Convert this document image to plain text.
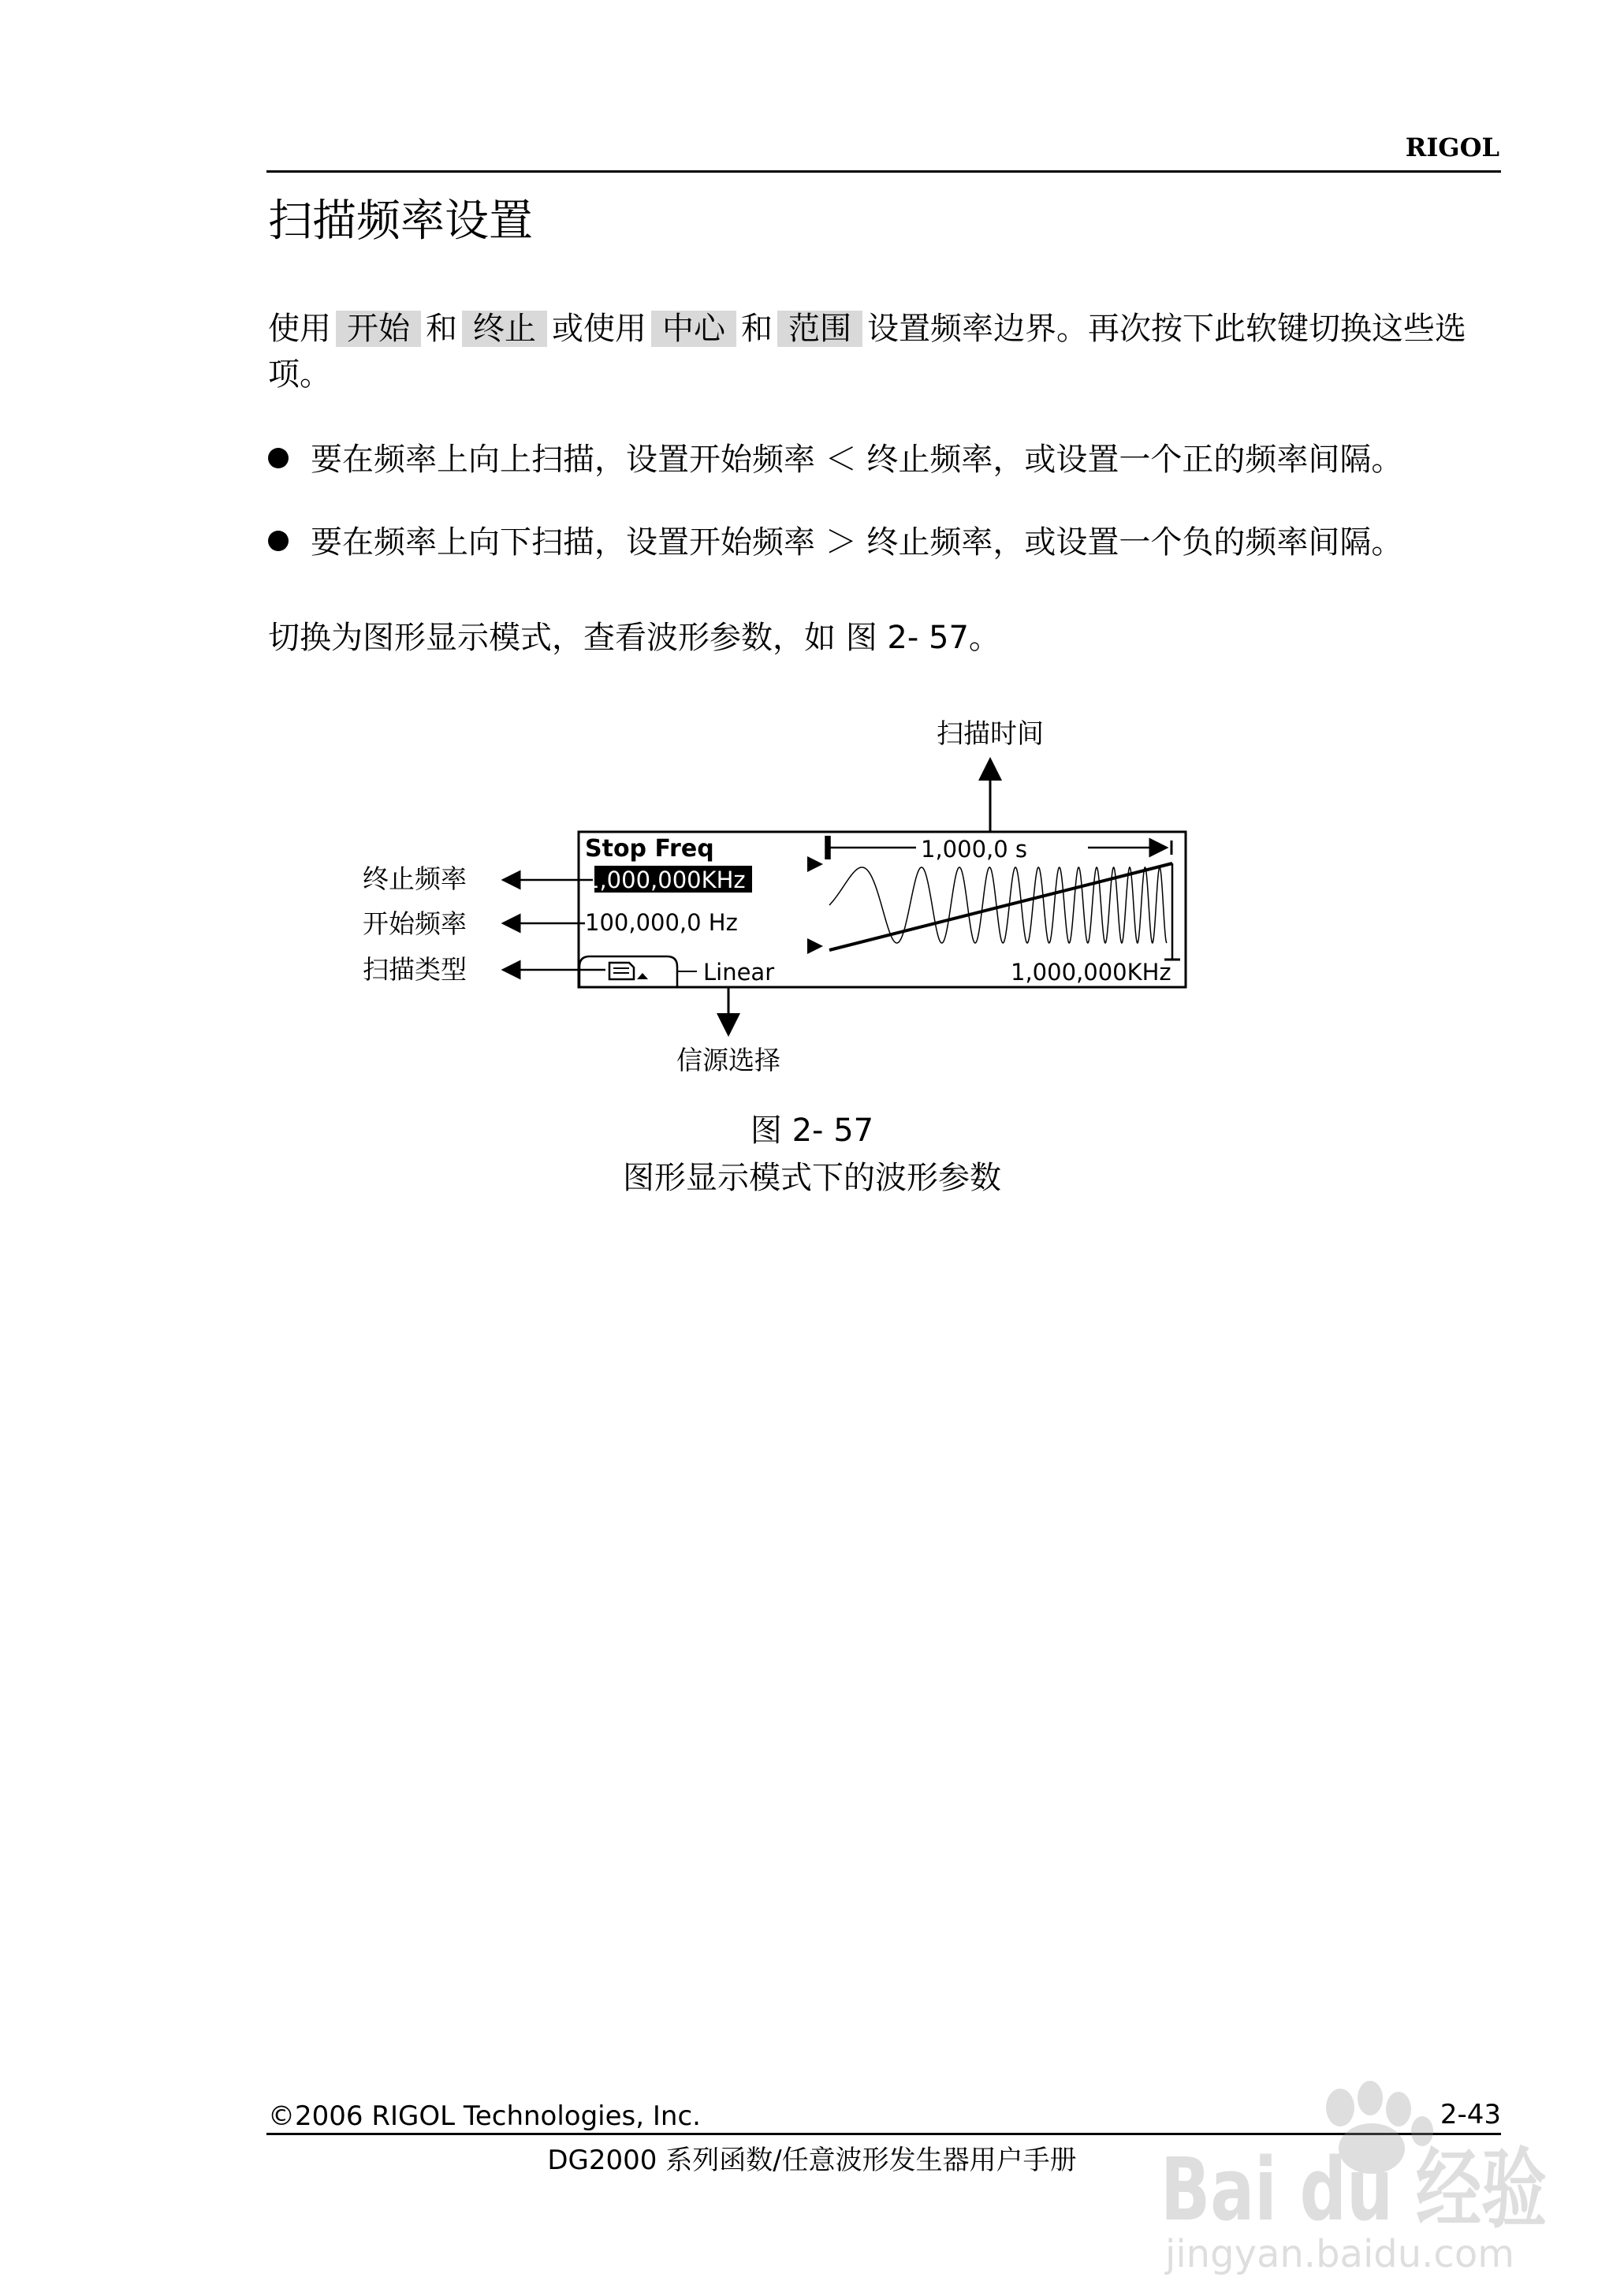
RIGOL
扫描频率设置
使用 开始 和 终止 或使用 中心 和 范围 设置频率边界。再次按下此软键切换这些选项。
要在频率上向上扫描，设置开始频率 ＜ 终止频率，或设置一个正的频率间隔。
要在频率上向下扫描，设置开始频率 ＞ 终止频率，或设置一个负的频率间隔。
切换为图形显示模式，查看波形参数，如 图 2- 57。
扫描时间
Stop Freq
1,000,000KHz
100,000,0 Hz
Linear
1,000,0 s
1,000,000KHz
终止频率
开始频率
扫描类型
信源选择
图 2- 57
图形显示模式下的波形参数
©2006 RIGOL Technologies, Inc.	2-43
DG2000 系列函数/任意波形发生器用户手册 Bai du 经验
jingyan.baidu.com
